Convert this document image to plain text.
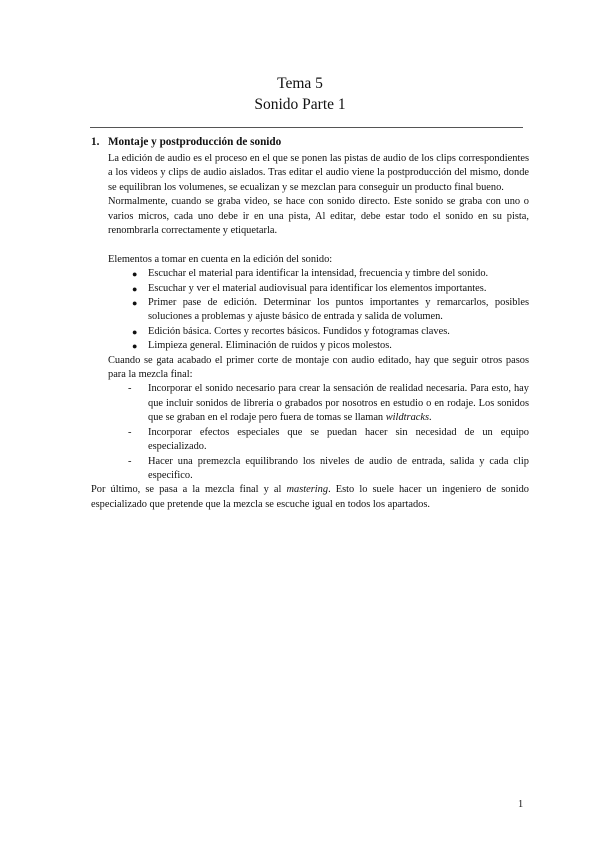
Tema 5
Sonido Parte 1
1. Montaje y postproducción de sonido

La edición de audio es el proceso en el que se ponen las pistas de audio de los clips correspondientes a los videos y clips de audio aislados. Tras editar el audio viene la postproducción del mismo, donde se equilibran los volumenes, se ecualizan y se mezclan para conseguir un producto final bueno.

Normalmente, cuando se graba video, se hace con sonido directo. Este sonido se graba con uno o varios micros, cada uno debe ir en una pista, Al editar, debe estar todo el sonido en su pista, renombrarla correctamente y etiquetarla.

Elementos a tomar en cuenta en la edición del sonido:

● Escuchar el material para identificar la intensidad, frecuencia y timbre del sonido.
● Escuchar y ver el material audiovisual para identificar los elementos importantes.
● Primer pase de edición. Determinar los puntos importantes y remarcarlos, posibles soluciones a problemas y ajuste básico de entrada y salida de volumen.
● Edición básica. Cortes y recortes básicos. Fundidos y fotogramas claves.
● Limpieza general. Eliminación de ruidos y picos molestos.

Cuando se gata acabado el primer corte de montaje con audio editado, hay que seguir otros pasos para la mezcla final:

- Incorporar el sonido necesario para crear la sensación de realidad necesaria. Para esto, hay que incluir sonidos de libreria o grabados por nosotros en estudio o en rodaje. Los sonidos que se graban en el rodaje pero fuera de tomas se llaman wildtracks.
- Incorporar efectos especiales que se puedan hacer sin necesidad de un equipo especializado.
- Hacer una premezcla equilibrando los niveles de audio de entrada, salida y cada clip especifico.

Por último, se pasa a la mezcla final y al mastering. Esto lo suele hacer un ingeniero de sonido especializado que pretende que la mezcla se escuche igual en todos los apartados.

1
